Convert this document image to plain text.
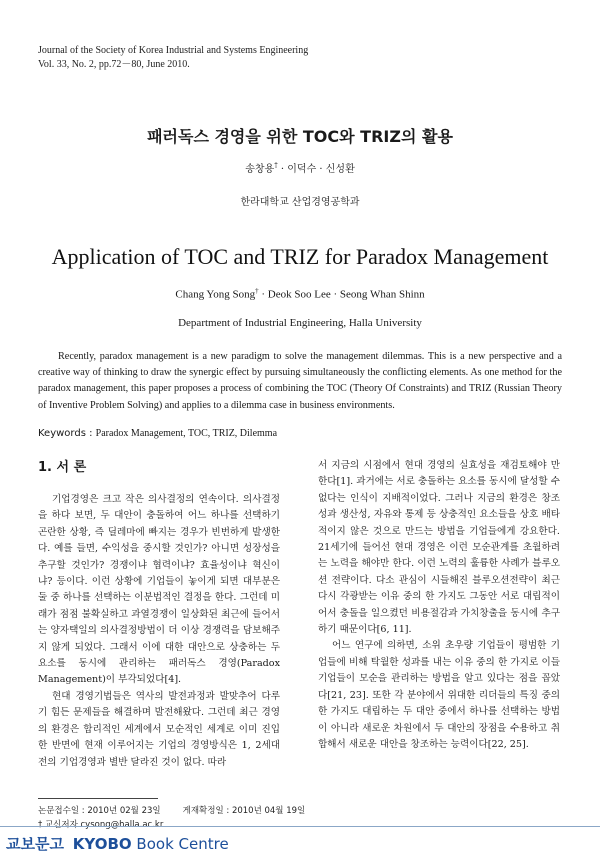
Journal of the Society of Korea Industrial and Systems Engineering
Vol. 33, No. 2, pp.72－80, June 2010.
패러독스 경영을 위한 TOC와 TRIZ의 활용
송창용† · 이덕수 · 신성환
한라대학교 산업경영공학과
Application of TOC and TRIZ for Paradox Management
Chang Yong Song† · Deok Soo Lee · Seong Whan Shinn
Department of Industrial Engineering, Halla University
Recently, paradox management is a new paradigm to solve the management dilemmas. This is a new perspective and a creative way of thinking to draw the synergic effect by pursuing simultaneously the conflicting elements. As one method for the paradox management, this paper proposes a process of combining the TOC (Theory Of Constraints) and TRIZ (Russian Theory of Inventive Problem Solving) and applies to a dilemma case in business environments.
Keywords : Paradox Management, TOC, TRIZ, Dilemma
1. 서 론

기업경영은 크고 작은 의사결정의 연속이다. 의사결정을 하다 보면, 두 대안이 충돌하여 어느 하나를 선택하기 곤란한 상황, 즉 딜레마에 빠지는 경우가 빈번하게 발생한다. 예를 들면, 수익성을 중시할 것인가? 아니면 성장성을 추구할 것인가? 경쟁이냐 협력이냐? 효율성이냐 혁신이냐? 등이다. 이런 상황에 기업들이 놓이게 되면 대부분은 둘 중 하나를 선택하는 이분법적인 결정을 한다. 그런데 미래가 점점 불확실하고 과열경쟁이 일상화된 최근에 들어서는 양자택일의 의사결정방법이 더 이상 경쟁력을 담보해주지 않게 되었다. 그래서 이에 대한 대안으로 상충하는 두 요소를 동시에 관리하는 패러독스 경영(Paradox Management)이 부각되었다[4].

현대 경영기법들은 역사의 발전과정과 발맞추어 다루기 힘든 문제들을 해결하며 발전해왔다. 그런데 최근 경영의 환경은 합리적인 세계에서 모순적인 세계로 이미 진입한 반면에 현재 이루어지는 기업의 경영방식은 1, 2세대 전의 기업경영과 별반 달라진 것이 없다. 따라

서 지금의 시점에서 현대 경영의 실효성을 재검토해야 만 한다[1]. 과거에는 서로 충돌하는 요소를 동시에 달성할 수 없다는 인식이 지배적이었다. 그러나 지금의 환경은 창조성과 생산성, 자유와 통제 등 상충적인 요소들을 상호 배타적이지 않은 것으로 만드는 방법을 기업들에게 강요한다. 21세기에 들어선 현대 경영은 이런 모순관계를 초월하려는 노력을 해야만 한다. 이런 노력의 훌륭한 사례가 블루오션 전략이다. 다소 관심이 시들해진 블루오션전략이 최근 다시 각광받는 이유 중의 한 가지도 그동안 서로 대립적이어서 충돌을 일으켰던 비용절감과 가치창출을 동시에 추구하기 때문이다[6, 11].

어느 연구에 의하면, 소위 초우량 기업들이 평범한 기업들에 비해 탁월한 성과를 내는 이유 중의 한 가지로 이들 기업들이 모순을 관리하는 방법을 알고 있다는 점을 꼽았다[21, 23]. 또한 각 분야에서 위대한 리더들의 특징 중의 한 가지도 대립하는 두 대안 중에서 하나를 선택하는 방법이 아니라 새로운 차원에서 두 대안의 장점을 수용하고 취합해서 새로운 대안을 창조하는 능력이다[22, 25].

논문접수일 : 2010년 02월 23일	게재확정일 : 2010년 04월 19일
† 교신저자 cysong@halla.ac.kr
교보문고 KYOBO Book Centre
